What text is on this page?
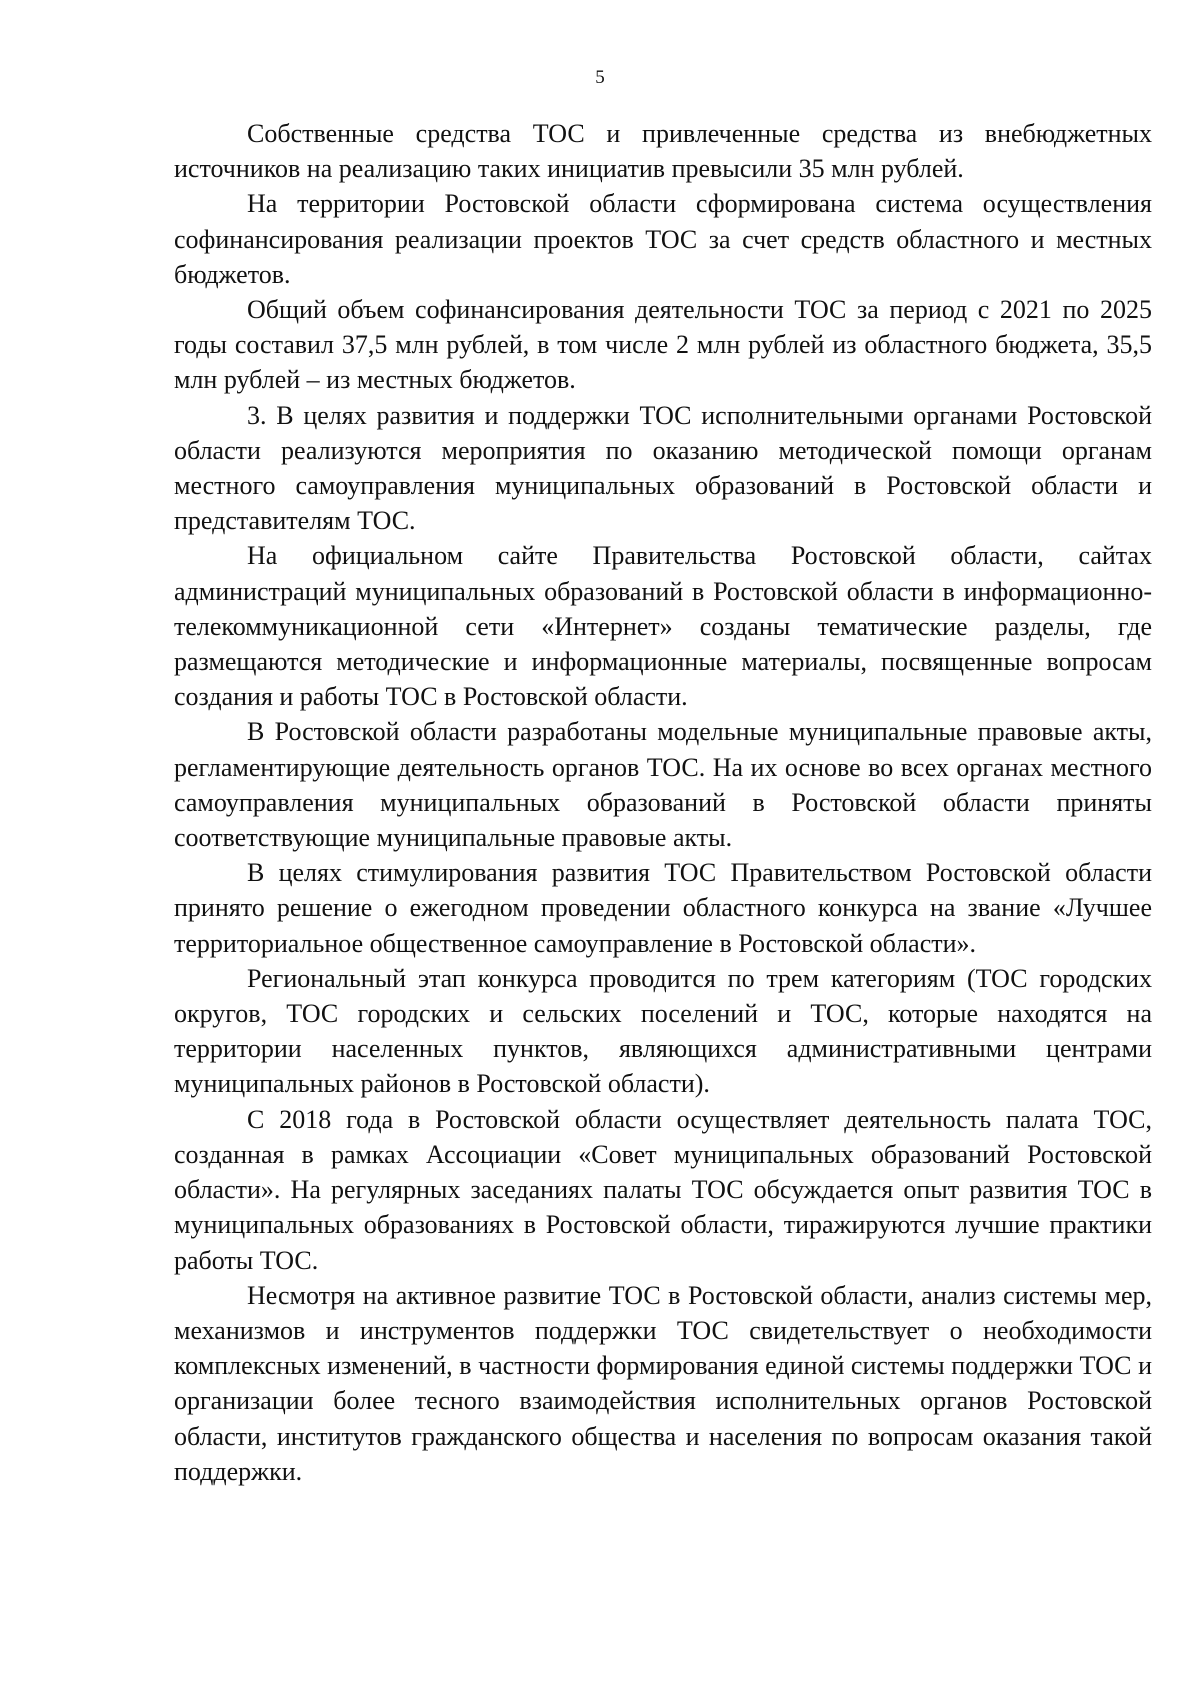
5

Собственные средства ТОС и привлеченные средства из внебюджетных источников на реализацию таких инициатив превысили 35 млн рублей.

На территории Ростовской области сформирована система осуществления софинансирования реализации проектов ТОС за счет средств областного и местных бюджетов.

Общий объем софинансирования деятельности ТОС за период с 2021 по 2025 годы составил 37,5 млн рублей, в том числе 2 млн рублей из областного бюджета, 35,5 млн рублей – из местных бюджетов.

3. В целях развития и поддержки ТОС исполнительными органами Ростовской области реализуются мероприятия по оказанию методической помощи органам местного самоуправления муниципальных образований в Ростовской области и представителям ТОС.

На официальном сайте Правительства Ростовской области, сайтах администраций муниципальных образований в Ростовской области в информационно-телекоммуникационной сети «Интернет» созданы тематические разделы, где размещаются методические и информационные материалы, посвященные вопросам создания и работы ТОС в Ростовской области.

В Ростовской области разработаны модельные муниципальные правовые акты, регламентирующие деятельность органов ТОС. На их основе во всех органах местного самоуправления муниципальных образований в Ростовской области приняты соответствующие муниципальные правовые акты.

В целях стимулирования развития ТОС Правительством Ростовской области принято решение о ежегодном проведении областного конкурса на звание «Лучшее территориальное общественное самоуправление в Ростовской области».

Региональный этап конкурса проводится по трем категориям (ТОС городских округов, ТОС городских и сельских поселений и ТОС, которые находятся на территории населенных пунктов, являющихся административными центрами муниципальных районов в Ростовской области).

С 2018 года в Ростовской области осуществляет деятельность палата ТОС, созданная в рамках Ассоциации «Совет муниципальных образований Ростовской области». На регулярных заседаниях палаты ТОС обсуждается опыт развития ТОС в муниципальных образованиях в Ростовской области, тиражируются лучшие практики работы ТОС.

Несмотря на активное развитие ТОС в Ростовской области, анализ системы мер, механизмов и инструментов поддержки ТОС свидетельствует о необходимости комплексных изменений, в частности формирования единой системы поддержки ТОС и организации более тесного взаимодействия исполнительных органов Ростовской области, институтов гражданского общества и населения по вопросам оказания такой поддержки.
